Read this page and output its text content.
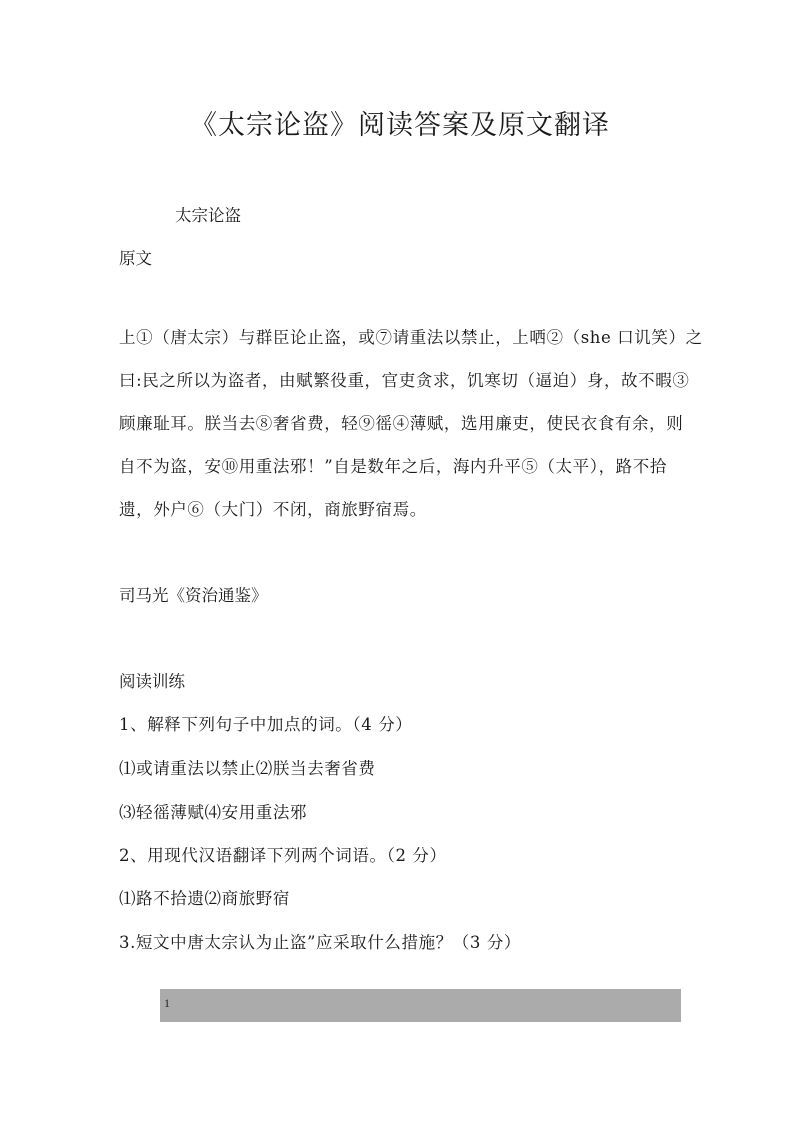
《太宗论盗》阅读答案及原文翻译
太宗论盗
原文
上①（唐太宗）与群臣论止盗，或⑦请重法以禁止，上哂②（she 口讥笑）之
曰:民之所以为盗者，由赋繁役重，官吏贪求，饥寒切（逼迫）身，故不暇③
顾廉耻耳。朕当去⑧奢省费，轻⑨徭④薄赋，选用廉吏，使民衣食有余，则
自不为盗，安⑩用重法邪！”自是数年之后，海内升平⑤（太平），路不拾
遗，外户⑥（大门）不闭，商旅野宿焉。
司马光《资治通鉴》
阅读训练
1、解释下列句子中加点的词。（4 分）
⑴或请重法以禁止⑵朕当去奢省费
⑶轻徭薄赋⑷安用重法邪
2、用现代汉语翻译下列两个词语。（2 分）
⑴路不拾遗⑵商旅野宿
3.短文中唐太宗认为止盗”应采取什么措施？（3 分）
1
